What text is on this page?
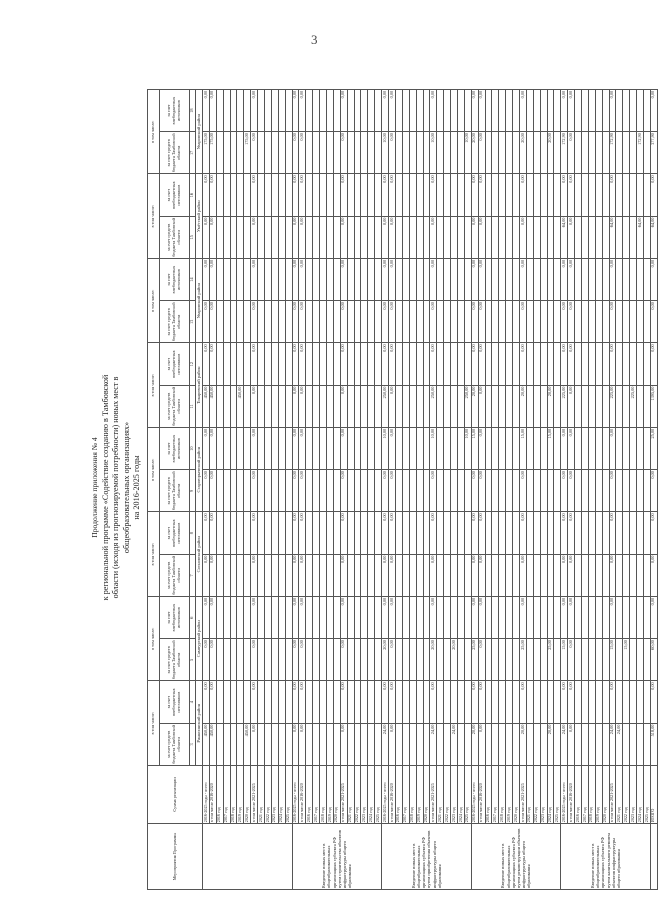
3
Мероприятия Программы	Сумма реализации	в том числе:		в том числе:		в том числе:		в том числе:		в том числе:		в том числе:		в том числе:		в том числе:	
		за счет средств бюджета Тамбовской области	за счет внебюджетных источников	за счет средств бюджета Тамбовской области	за счет внебюджетных источников	за счет средств бюджета Тамбовской области	за счет внебюджетных источников	за счет средств бюджета Тамбовской области	за счет внебюджетных источников	за счет средств бюджета Тамбовской области	за счет внебюджетных источников	за счет средств бюджета Тамбовской области	за счет внебюджетных источников	за счет средств бюджета Тамбовской области	за счет внебюджетных источников	за счет средств бюджета Тамбовской области	за счет внебюджетных источников
		3	4	5	6	7	8	9	10	11	12	13	14	15	16	17	18
		Ржаксинский район		Сампурский район		Сосновский район		Староюрьевский район		Токаревский район		Уваровский район		Умётский район		Уваровский район	
	2016-2025 годы - всего	450,00	0,00	0,00	0,00	0,00	0,00	0,00	0,00	450,00	0,00	0,00	0,00	0,00	0,00	175,00	0,00
	в том числе 2016-2020	450,00	0,00	0,00	0,00	0,00	0,00	0,00	0,00	450,00	0,00	0,00	0,00	0,00	0,00	175,00	0,00
	2016 год																
	2017 год																
	2018 год																
	2019 год									450,00							
	2020 год	450,00														175,00	
	в том числе 2021-2025	0,00	0,00	0,00	0,00	0,00	0,00	0,00	0,00	0,00	0,00	0,00	0,00	0,00	0,00	0,00	0,00
	2021 год																
	2022 год																
	2023 год																
	2024 год																
	2025 год																
Введение новых мест в общеобразовательных организациях субъекта РФ путем строительства объектов инфраструктуры общего образования	2016-2025 годы - всего	0,00	0,00	0,00	0,00	0,00	0,00	0,00	0,00	0,00	0,00	0,00	0,00	0,00	0,00	0,00	0,00
	в том числе 2016-2020	0,00	0,00	0,00	0,00	0,00	0,00	0,00	0,00	0,00	0,00	0,00	0,00	0,00	0,00	0,00	0,00
	2016 год																
	2017 год																
	2018 год																
	2019 год																
	2020 год																
	в том числе 2021-2025	0,00	0,00	0,00	0,00	0,00	0,00	0,00	0,00	0,00	0,00	0,00	0,00	0,00	0,00	0,00	0,00
	2021 год																
	2022 год																
	2023 год																
	2024 год																
	2025 год																
Введение новых мест в общеобразовательных организациях субъекта РФ путем приобретения объектов инфраструктуры общего образования	2016-2025 годы - всего	24,00	0,00	20,00	0,00	0,00	0,00	0,00	10,00	250,00	0,00	0,00	0,00	0,00	0,00	10,00	0,00
	в том числе 2016-2020	0,00	0,00	0,00	0,00	0,00	0,00	0,00	0,00	0,00	0,00	0,00	0,00	0,00	0,00	0,00	0,00
	2016 год																
	2017 год																
	2018 год																
	2019 год																
	2020 год																
	в том числе 2021-2025	24,00	0,00	20,00	0,00	0,00	0,00	0,00	10,00	250,00	0,00	0,00	0,00	0,00	0,00	10,00	0,00
	2021 год																
	2022 год																
	2023 год	24,00		20,00													
	2024 год																
	2025 год								10,00	250,00						10,00	
Введение новых мест в общеобразовательных организациях субъекта РФ путем реконструкции объектов инфраструктуры общего образования	2016-2025 годы - всего	20,00	0,00	25,00	0,00	0,00	0,00	0,00	15,00	20,00	0,00	0,00	0,00	0,00	0,00	20,00	0,00
	в том числе 2016-2020	0,00	0,00	0,00	0,00	0,00	0,00	0,00	0,00	0,00	0,00	0,00	0,00	0,00	0,00	0,00	0,00
	2016 год																
	2017 год																
	2018 год																
	2019 год																
	2020 год																
	в том числе 2021-2025	20,00	0,00	25,00	0,00	0,00	0,00	0,00	15,00	20,00	0,00	0,00	0,00	0,00	0,00	20,00	0,00
	2021 год																
	2022 год																
	2023 год																
	2024 год	20,00		25,00					15,00	20,00						20,00	
	2025 год																
Введение новых мест в общеобразовательных организациях субъекта РФ путем капитального ремонта объектов инфраструктуры общего образования	2016-2025 годы - всего	24,00	0,00	15,00	0,00	0,00	0,00	0,00	0,00	225,00	0,00	0,00	0,00	64,00	0,00	172,90	0,00
	в том числе 2016-2020	0,00	0,00	0,00	0,00	0,00	0,00	0,00	0,00	0,00	0,00	0,00	0,00	0,00	0,00	0,00	0,00
	2016 год																
	2017 год																
	2018 год																
	2019 год																
	2020 год																
	в том числе 2021-2025	24,00	0,00	15,00	0,00	0,00	0,00	0,00	0,00	225,00	0,00	0,00	0,00	64,00	0,00	172,90	0,00
	2021 год	24,00															
	2022 год			15,00													
	2023 год									225,00							
	2024 год													64,00		172,90	
	2025 год																
	ИТОГО	518,00	0,00	60,00	0,00	0,00	0,00	0,00	25,00	1395,00	0,00	0,00	0,00	64,00	0,00	377,90	0,00
Продолжение приложения № 4 к региональной программе «Содействие созданию в Тамбовской области (исходя из прогнозируемой потребности) новых мест в общеобразовательных организациях» на 2016-2025 годы
